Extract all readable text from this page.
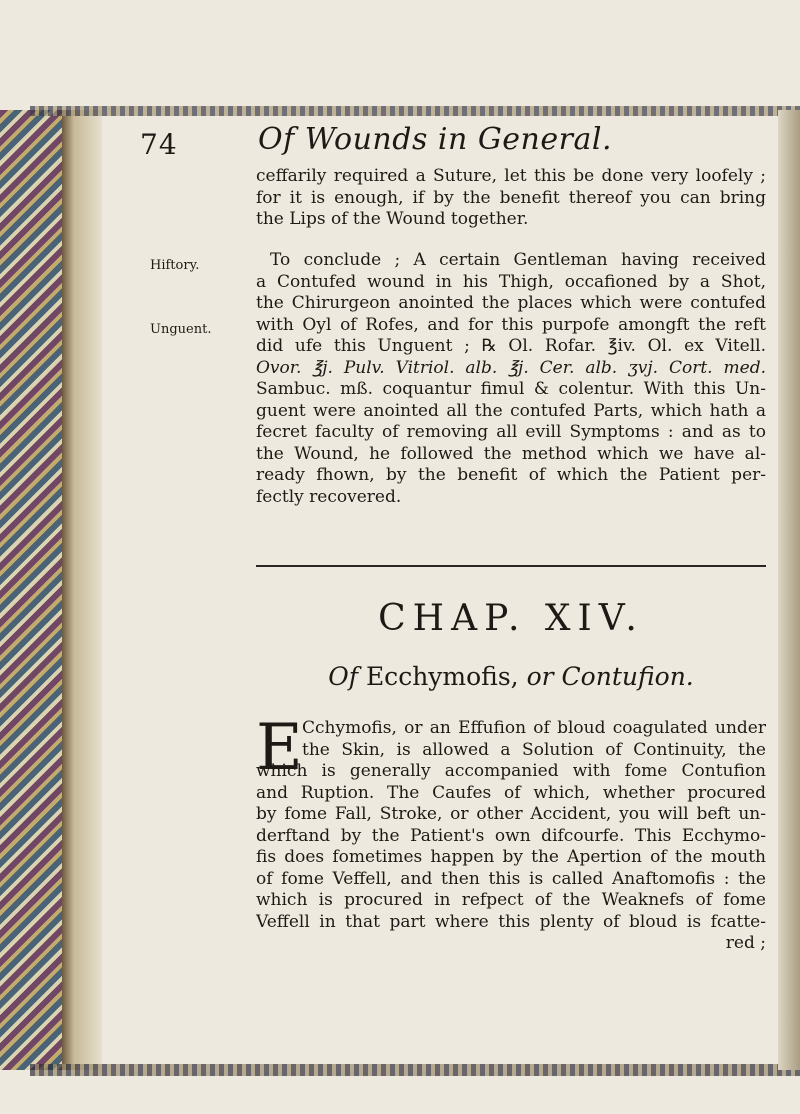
74	Of Wounds in General.
Hiftory.
Unguent.
ceffarily required a Suture, let this be done very loofely ;
for it is enough, if by the benefit thereof you can bring
the Lips of the Wound together.
To conclude ; A certain Gentleman having received
a Contufed wound in his Thigh, occafioned by a Shot,
the Chirurgeon anointed the places which were contufed
with Oyl of Rofes, and for this purpofe amongft the reft
did ufe this Unguent ; ℞ Ol. Rofar. ℥iv. Ol. ex Vitell.
Ovor. ℥j. Pulv. Vitriol. alb. ℥j. Cer. alb. ʒvj. Cort. med.
Sambuc. mß. coquantur fimul & colentur. With this Un-
guent were anointed all the contufed Parts, which hath a
fecret faculty of removing all evill Symptoms : and as to
the Wound, he followed the method which we have al-
ready fhown, by the benefit of which the Patient per-
fectly recovered.
CHAP. XIV.
Of Ecchymofis, or Contufion.
E Cchymofis, or an Effufion of bloud coagulated under
the Skin, is allowed a Solution of Continuity, the
which is generally accompanied with fome Contufion
and Ruption. The Caufes of which, whether procured
by fome Fall, Stroke, or other Accident, you will beft un-
derftand by the Patient's own difcourfe. This Ecchymo-
fis does fometimes happen by the Apertion of the mouth
of fome Veffell, and then this is called Anaftomofis : the
which is procured in refpect of the Weaknefs of fome
Veffell in that part where this plenty of bloud is fcatte-
red ;
